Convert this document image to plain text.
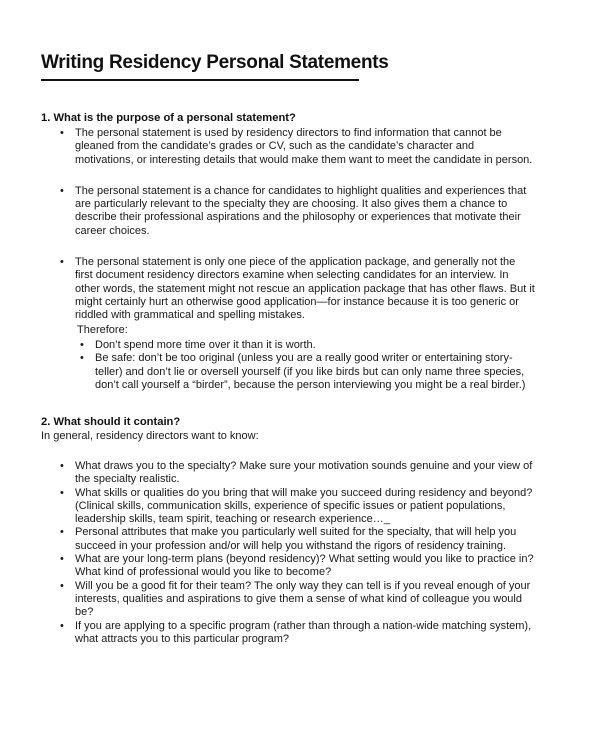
Writing Residency Personal Statements

1. What is the purpose of a personal statement?

• The personal statement is used by residency directors to find information that cannot be gleaned from the candidate’s grades or CV, such as the candidate’s character and motivations, or interesting details that would make them want to meet the candidate in person.
• The personal statement is a chance for candidates to highlight qualities and experiences that are particularly relevant to the specialty they are choosing. It also gives them a chance to describe their professional aspirations and the philosophy or experiences that motivate their career choices.
• The personal statement is only one piece of the application package, and generally not the first document residency directors examine when selecting candidates for an interview. In other words, the statement might not rescue an application package that has other flaws. But it might certainly hurt an otherwise good application—for instance because it is too generic or riddled with grammatical and spelling mistakes.

Therefore:

• Don’t spend more time over it than it is worth.
• Be safe: don’t be too original (unless you are a really good writer or entertaining story-teller) and don’t lie or oversell yourself (if you like birds but can only name three species, don’t call yourself a “birder”, because the person interviewing you might be a real birder.)

2. What should it contain?

In general, residency directors want to know:

• What draws you to the specialty? Make sure your motivation sounds genuine and your view of the specialty realistic.
• What skills or qualities do you bring that will make you succeed during residency and beyond? (Clinical skills, communication skills, experience of specific issues or patient populations, leadership skills, team spirit, teaching or research experience…_
• Personal attributes that make you particularly well suited for the specialty, that will help you succeed in your profession and/or will help you withstand the rigors of residency training.
• What are your long-term plans (beyond residency)? What setting would you like to practice in? What kind of professional would you like to become?
• Will you be a good fit for their team? The only way they can tell is if you reveal enough of your interests, qualities and aspirations to give them a sense of what kind of colleague you would be?
• If you are applying to a specific program (rather than through a nation-wide matching system), what attracts you to this particular program?
